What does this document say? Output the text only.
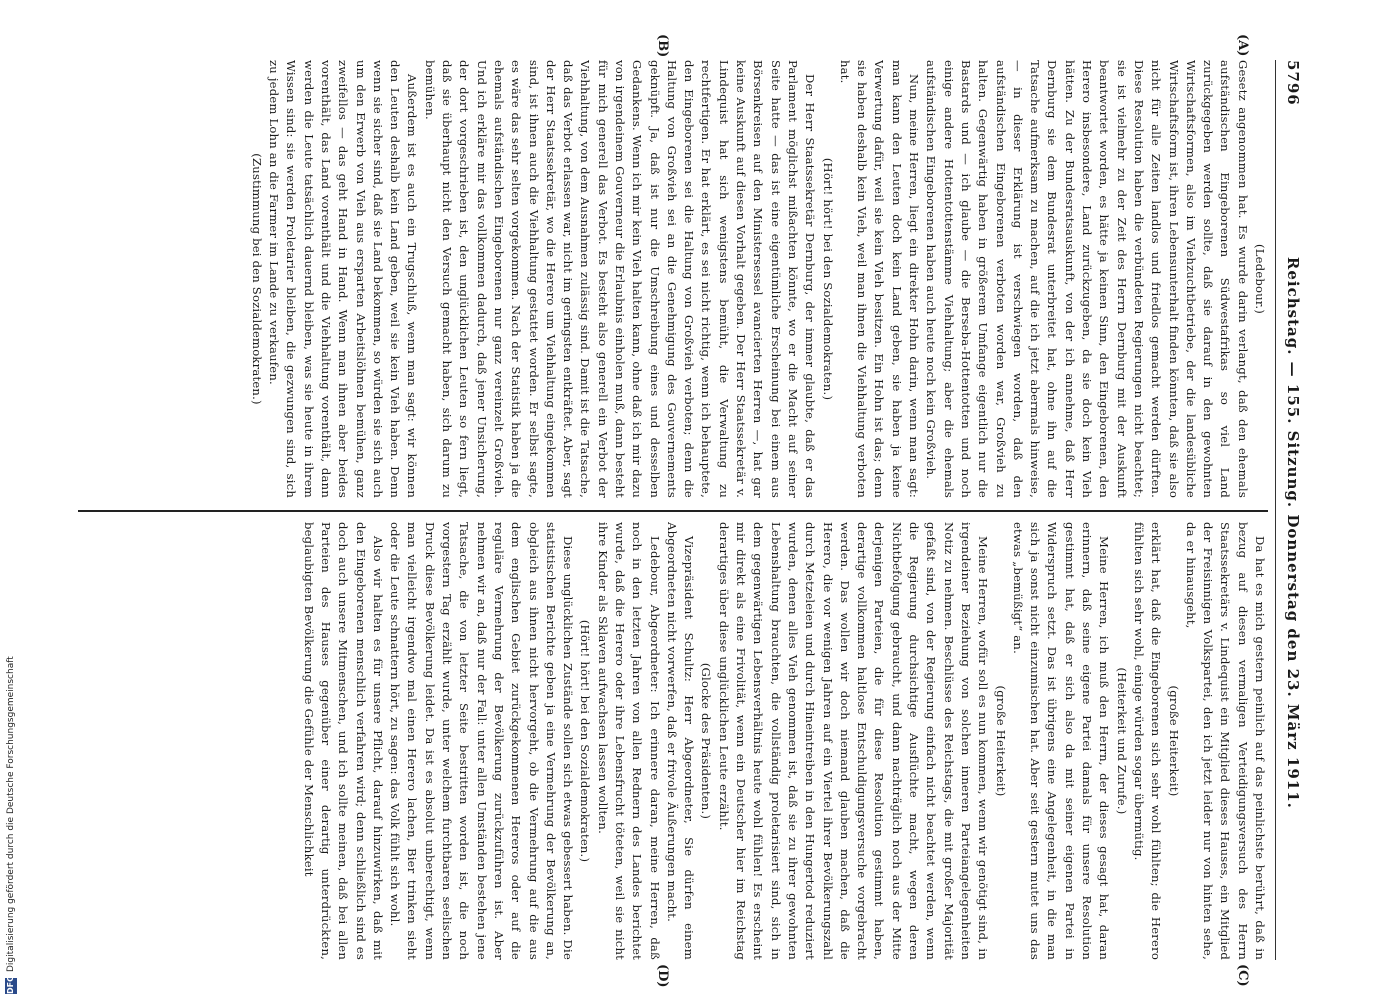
DFG
Digitalisierung gefördert durch die Deutsche Forschungsgemeinschaft
5796
Reichstag. — 155. Sitzung. Donnerstag den 23. März 1911.
(A)
(B)
(C)
(D)

(Ledebour.)

Gesetz angenommen hat. Es wurde darin verlangt, daß den ehemals aufständischen Eingeborenen Südwestafrikas so viel Land zurückgegeben werden sollte, daß sie darauf in den gewohnten Wirtschaftsformen, also im Viehzuchtbetriebe, der die landesübliche Wirtschaftsform ist, ihren Lebensunterhalt finden könnten, daß sie also nicht für alle Zeiten landlos und friedlos gemacht werden dürften. Diese Resolution haben die verbündeten Regierungen nicht beachtet; sie ist vielmehr zu der Zeit des Herrn Dernburg mit der Auskunft beantwortet worden, es hätte ja keinen Sinn, den Eingeborenen, den Herero insbesondere, Land zurückzugeben, da sie doch kein Vieh hätten. Zu der Bundesratsauskunft, von der ich annehme, daß Herr Dernburg sie dem Bundesrat unterbreitet hat, ohne ihn auf die Tatsache aufmerksam zu machen, auf die ich jetzt abermals hinweise, — in dieser Erklärung ist verschwiegen worden, daß den aufständischen Eingeborenen verboten worden war, Großvieh zu halten. Gegenwärtig haben in größerem Umfange eigentlich nur die Bastards und — ich glaube — die Berseba-Hottentotten und noch einige andere Hottentottenstämme Viehhaltung; aber die ehemals aufständischen Eingeborenen haben auch heute noch kein Großvieh.

Nun, meine Herren, liegt ein direkter Hohn darin, wenn man sagt: man kann den Leuten doch kein Land geben, sie haben ja keine Verwertung dafür, weil sie kein Vieh besitzen. Ein Hohn ist das; denn sie haben deshalb kein Vieh, weil man ihnen die Viehhaltung verboten hat.

(Hört! hört! bei den Sozialdemokraten.)

Der Herr Staatssekretär Dernburg, der immer glaubte, daß er das Parlament möglichst mißachten könnte, wo er die Macht auf seiner Seite hatte — das ist eine eigentümliche Erscheinung bei einem aus Börsenkreisen auf den Ministersessel avancierten Herren —, hat gar keine Auskunft auf diesen Vorhalt gegeben. Der Herr Staatssekretär v. Lindequist hat sich wenigstens bemüht, die Verwaltung zu rechtfertigen. Er hat erklärt, es sei nicht richtig, wenn ich behauptete, den Eingeborenen sei die Haltung von Großvieh verboten; denn die Haltung von Großvieh sei an die Genehmigung des Gouvernements geknüpft. Ja, daß ist nur die Umschreibung eines und desselben Gedankens. Wenn ich mir kein Vieh halten kann, ohne daß ich mir dazu von irgendeinem Gouverneur die Erlaubnis einholen muß, dann besteht für mich generell das Verbot. Es besteht also generell ein Verbot der Viehhaltung, von dem Ausnahmen zulässig sind. Damit ist die Tatsache, daß das Verbot erlassen war, nicht im geringsten entkräftet. Aber, sagt der Herr Staatssekretär, wo die Herero um Viehhaltung eingekommen sind, ist ihnen auch die Viehhaltung gestattet worden. Er selbst sagte, es wäre das sehr selten vorgekommen. Nach der Statistik haben ja die ehemals aufständischen Eingeborenen nur ganz vereinzelt Großvieh. Und ich erkläre mir das vollkommen dadurch, daß jener Unsicherung, der dort vorgeschrieben ist, den unglücklichen Leuten so fern liegt, daß sie überhaupt nicht den Versuch gemacht haben, sich darum zu bemühen.

Außerdem ist es auch ein Trugschluß, wenn man sagt: wir können den Leuten deshalb kein Land geben, weil sie kein Vieh haben. Denn wenn sie sicher sind, daß sie Land bekommen, so würden sie sich auch um den Erwerb von Vieh aus ersparten Arbeitslöhnen bemühen, ganz zweifellos — das geht Hand in Hand. Wenn man ihnen aber beides vorenthält, das Land vorenthält und die Viehhaltung vorenthält, dann werden die Leute tatsächlich dauernd bleiben, was sie heute in ihrem Wissen sind: sie werden Proletarier bleiben, die gezwungen sind, sich zu jedem Lohn an die Farmer im Lande zu verkaufen.

(Zustimmung bei den Sozialdemokraten.)

Da hat es mich gestern peinlich auf das peinlichste berührt, daß in bezug auf diesen vermaligen Verteidigungsversuch des Herrn Staatssekretärs v. Lindequist ein Mitglied dieses Hauses, ein Mitglied der Freisinnigen Volkspartei, den ich jetzt leider nur von hinten sehe, da er hinausgeht,

(große Heiterkeit)

erklärt hat, daß die Eingeborenen sich sehr wohl fühlten; die Herero fühlten sich sehr wohl, einige würden sogar übermütig.

(Heiterkeit und Zurufe.)

Meine Herren, ich muß den Herrn, der dieses gesagt hat, daran erinnern, daß seine eigene Partei damals für unsere Resolution gestimmt hat, daß er sich also da mit seiner eigenen Partei in Widerspruch setzt. Das ist übrigens eine Angelegenheit, in die man sich ja sonst nicht einzumischen hat. Aber seit gestern mutet uns das etwas „bemüßigt“ an.

(große Heiterkeit)

Meine Herren, wofür soll es nun kommen, wenn wir genötigt sind, in irgendeiner Beziehung von solchen inneren Parteiangelegenheiten Notiz zu nehmen. Beschlüsse des Reichstags, die mit großer Majorität gefaßt sind, von der Regierung einfach nicht beachtet werden, wenn die Regierung durchsichtige Ausflüchte macht, wegen deren Nichtbefolgung gebraucht, und dann nachträglich noch aus der Mitte derjenigen Parteien, die für diese Resolution gestimmt haben, derartige vollkommen haltlose Entschuldigungsversuche vorgebracht werden. Das wollen wir doch niemand glauben machen, daß die Herero, die vor wenigen Jahren auf ein Viertel ihrer Bevölkerungszahl durch Metzeleien und durch Hineintreiben in den Hungertod reduziert wurden, denen alles Vieh genommen ist, daß sie zu ihrer gewohnten Lebenshaltung brauchten, die vollständig proletarisiert sind, sich in dem gegenwärtigen Lebensverhältnis heute wohl fühlen! Es erscheint mir direkt als eine Frivolität, wenn ein Deutscher hier im Reichstag derartiges über diese unglücklichen Leute erzählt.

(Glocke des Präsidenten.)

Vizepräsident Schultz: Herr Abgeordneter, Sie dürfen einem Abgeordneten nicht vorwerfen, daß er frivole Äußerungen macht.

Ledebour, Abgeordneter: Ich erinnere daran, meine Herren, daß noch in den letzten Jahren von allen Rednern des Landes berichtet wurde, daß die Herero oder ihre Lebensfrucht töteten, weil sie nicht ihre Kinder als Sklaven aufwachsen lassen wollten.

(Hört! hört! bei den Sozialdemokraten.)

Diese unglücklichen Zustände sollen sich etwas gebessert haben. Die statistischen Berichte geben ja eine Vermehrung der Bevölkerung an, obgleich aus ihnen nicht hervorgeht, ob die Vermehrung auf die aus dem englischen Gebiet zurückgekommenen Hereros oder auf die reguläre Vermehrung der Bevölkerung zurückzuführen ist. Aber nehmen wir an, daß nur der Fall: unter allen Umständen bestehen jene Tatsache, die von letzter Seite bestritten worden ist, die noch vorgestern Tag erzählt wurde, unter welchem furchtbaren seelischen Druck diese Bevölkerung leidet. Da ist es absolut unberechtigt, wenn man vielleicht irgendwo mal einen Herero lachen, Bier trinken sieht oder die Leute schnattern hört, zu sagen: das Volk fühlt sich wohl.

Also wir halten es für unsere Pflicht, darauf hinzuwirken, daß mit den Eingeborenen menschlich verfahren wird; denn schließlich sind es doch auch unsere Mitmenschen, und ich sollte meinen, daß bei allen Parteien des Hauses gegenüber einer derartig unterdrückten, beglaubigten Bevölkerung die Gefühle der Menschlichkeit
